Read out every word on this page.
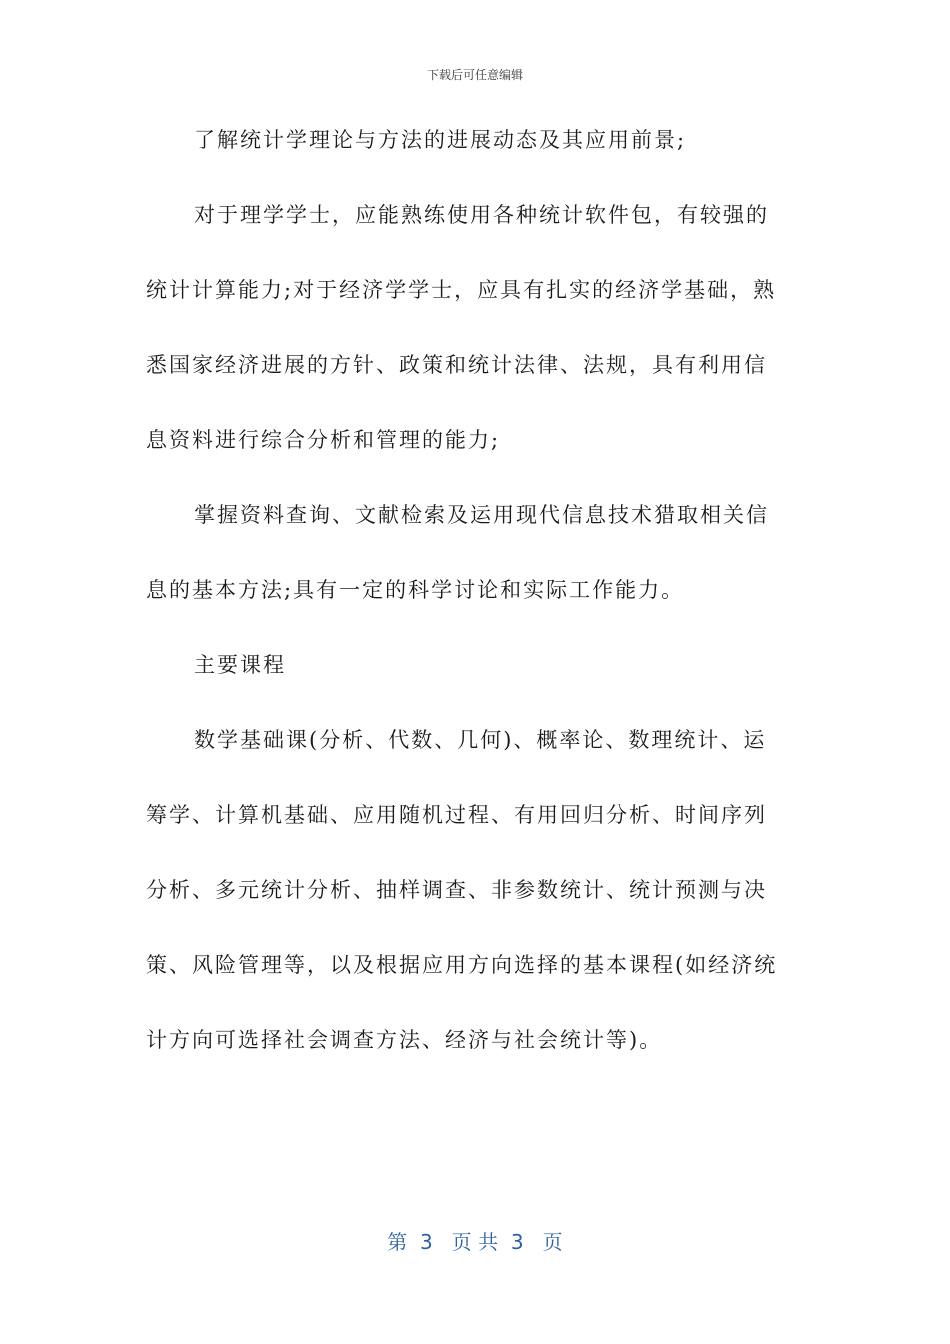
下载后可任意编辑
了解统计学理论与方法的进展动态及其应用前景;
对于理学学士，应能熟练使用各种统计软件包，有较强的
统计计算能力;对于经济学学士，应具有扎实的经济学基础，熟
悉国家经济进展的方针、政策和统计法律、法规，具有利用信
息资料进行综合分析和管理的能力;
掌握资料查询、文献检索及运用现代信息技术猎取相关信
息的基本方法;具有一定的科学讨论和实际工作能力。
主要课程
数学基础课(分析、代数、几何)、概率论、数理统计、运
筹学、计算机基础、应用随机过程、有用回归分析、时间序列
分析、多元统计分析、抽样调查、非参数统计、统计预测与决
策、风险管理等，以及根据应用方向选择的基本课程(如经济统
计方向可选择社会调查方法、经济与社会统计等)。
第  3   页 共  3   页
